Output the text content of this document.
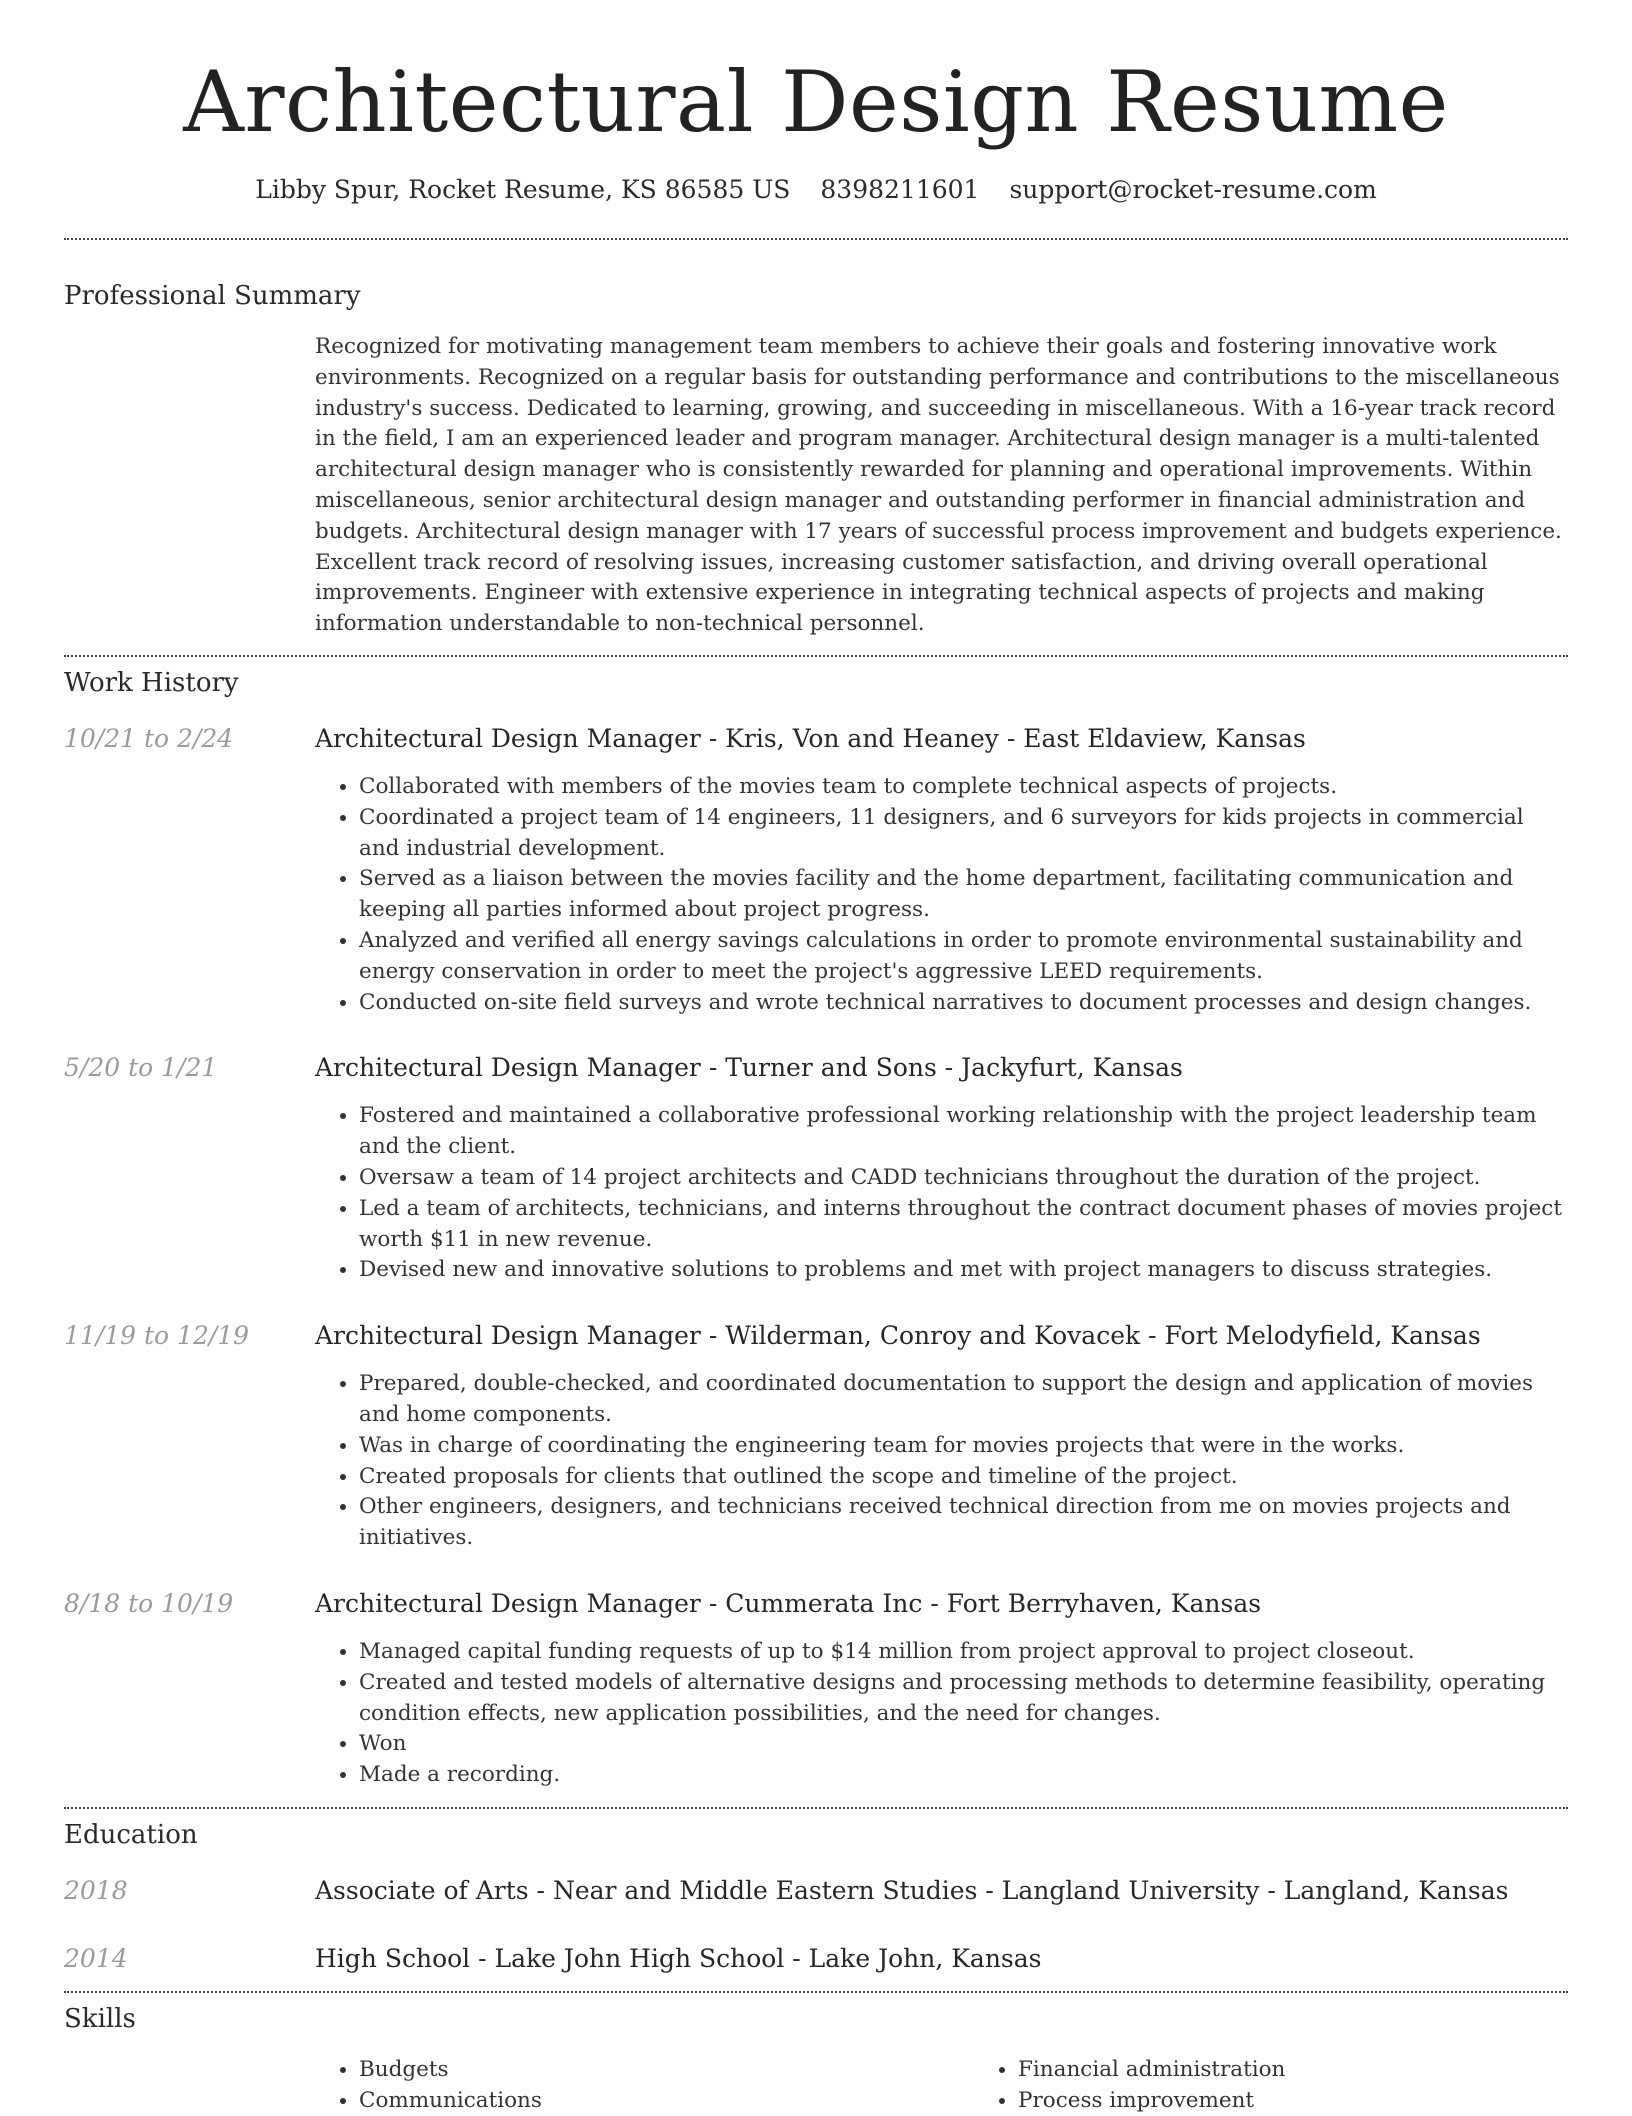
Architectural Design Resume
Libby Spur, Rocket Resume, KS 86585 US 8398211601 support@rocket-resume.com
Professional Summary

Recognized for motivating management team members to achieve their goals and fostering innovative work environments. Recognized on a regular basis for outstanding performance and contributions to the miscellaneous industry's success. Dedicated to learning, growing, and succeeding in miscellaneous. With a 16-year track record in the field, I am an experienced leader and program manager. Architectural design manager is a multi-talented architectural design manager who is consistently rewarded for planning and operational improvements. Within miscellaneous, senior architectural design manager and outstanding performer in financial administration and budgets. Architectural design manager with 17 years of successful process improvement and budgets experience. Excellent track record of resolving issues, increasing customer satisfaction, and driving overall operational improvements. Engineer with extensive experience in integrating technical aspects of projects and making information understandable to non-technical personnel.

Work History
10/21 to 2/24	Architectural Design Manager - Kris, Von and Heaney - East Eldaview, Kansas
• Collaborated with members of the movies team to complete technical aspects of projects.
• Coordinated a project team of 14 engineers, 11 designers, and 6 surveyors for kids projects in commercial and industrial development.
• Served as a liaison between the movies facility and the home department, facilitating communication and keeping all parties informed about project progress.
• Analyzed and verified all energy savings calculations in order to promote environmental sustainability and energy conservation in order to meet the project's aggressive LEED requirements.
• Conducted on-site field surveys and wrote technical narratives to document processes and design changes.
5/20 to 1/21	Architectural Design Manager - Turner and Sons - Jackyfurt, Kansas
• Fostered and maintained a collaborative professional working relationship with the project leadership team and the client.
• Oversaw a team of 14 project architects and CADD technicians throughout the duration of the project.
• Led a team of architects, technicians, and interns throughout the contract document phases of movies project worth $11 in new revenue.
• Devised new and innovative solutions to problems and met with project managers to discuss strategies.
11/19 to 12/19	Architectural Design Manager - Wilderman, Conroy and Kovacek - Fort Melodyfield, Kansas
• Prepared, double-checked, and coordinated documentation to support the design and application of movies and home components.
• Was in charge of coordinating the engineering team for movies projects that were in the works.
• Created proposals for clients that outlined the scope and timeline of the project.
• Other engineers, designers, and technicians received technical direction from me on movies projects and initiatives.
8/18 to 10/19	Architectural Design Manager - Cummerata Inc - Fort Berryhaven, Kansas
• Managed capital funding requests of up to $14 million from project approval to project closeout.
• Created and tested models of alternative designs and processing methods to determine feasibility, operating condition effects, new application possibilities, and the need for changes.
• Won
• Made a recording.
Education
2018	Associate of Arts - Near and Middle Eastern Studies - Langland University - Langland, Kansas
2014	High School - Lake John High School - Lake John, Kansas
Skills
• Budgets
• Communications
• Financial administration
• Process improvement
